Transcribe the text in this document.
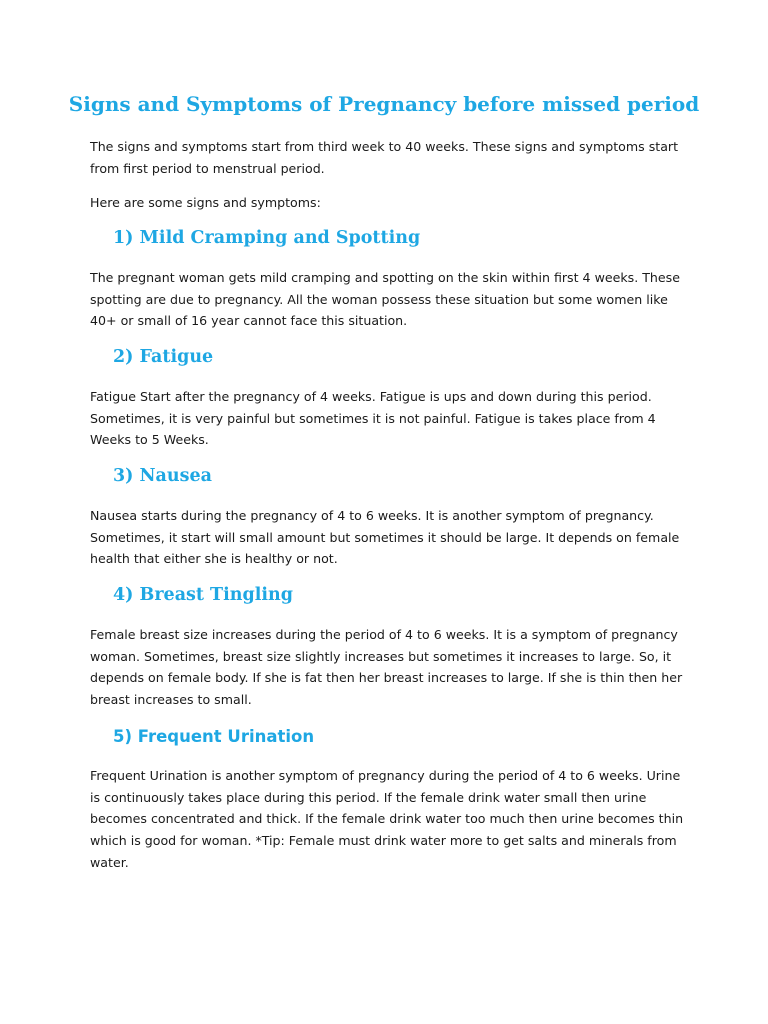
Signs and Symptoms of Pregnancy before missed period

The signs and symptoms start from third week to 40 weeks. These signs and symptoms start from first period to menstrual period.

Here are some signs and symptoms:

1) Mild Cramping and Spotting

The pregnant woman gets mild cramping and spotting on the skin within first 4 weeks. These spotting are due to pregnancy. All the woman possess these situation but some women like 40+ or small of 16 year cannot face this situation.

2) Fatigue

Fatigue Start after the pregnancy of 4 weeks. Fatigue is ups and down during this period. Sometimes, it is very painful but sometimes it is not painful. Fatigue is takes place from 4 Weeks to 5 Weeks.

3) Nausea

Nausea starts during the pregnancy of 4 to 6 weeks. It is another symptom of pregnancy. Sometimes, it start will small amount but sometimes it should be large. It depends on female health that either she is healthy or not.

4) Breast Tingling

Female breast size increases during the period of 4 to 6 weeks. It is a symptom of pregnancy woman. Sometimes, breast size slightly increases but sometimes it increases to large. So, it depends on female body. If she is fat then her breast increases to large. If she is thin then her breast increases to small.

5) Frequent Urination

Frequent Urination is another symptom of pregnancy during the period of 4 to 6 weeks. Urine is continuously takes place during this period. If the female drink water small then urine becomes concentrated and thick. If the female drink water too much then urine becomes thin which is good for woman. *Tip: Female must drink water more to get salts and minerals from water.
